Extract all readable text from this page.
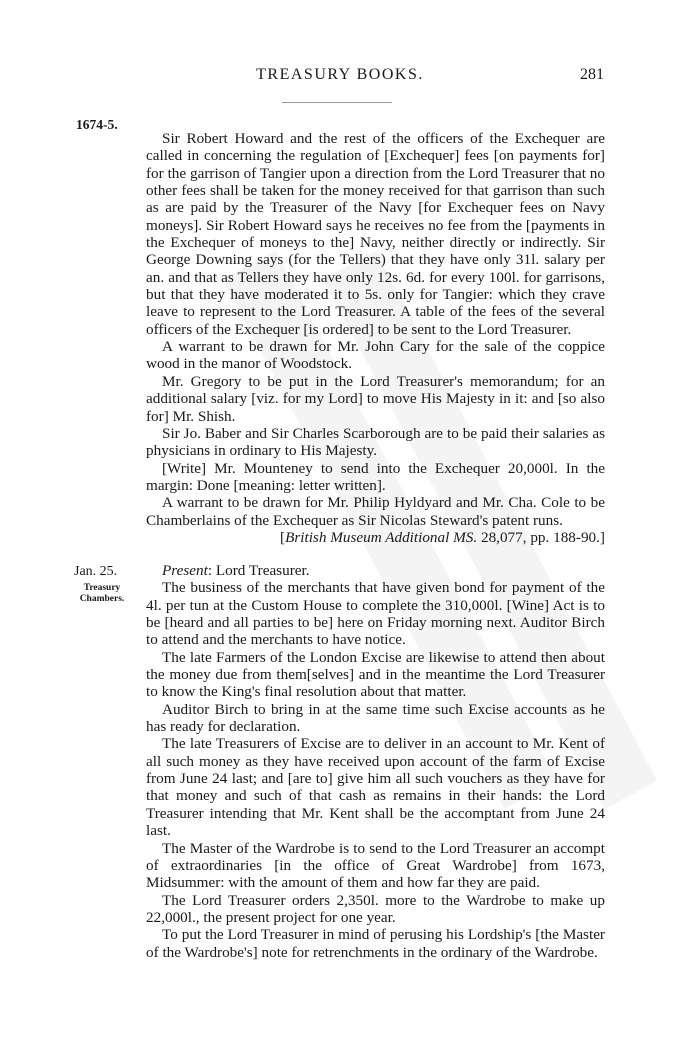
TREASURY BOOKS.	281
1674-5.

Sir Robert Howard and the rest of the officers of the Exchequer are called in concerning the regulation of [Exchequer] fees [on payments for] for the garrison of Tangier upon a direction from the Lord Treasurer that no other fees shall be taken for the money received for that garrison than such as are paid by the Treasurer of the Navy [for Exchequer fees on Navy moneys]. Sir Robert Howard says he receives no fee from the [payments in the Exchequer of moneys to the] Navy, neither directly or indirectly. Sir George Downing says (for the Tellers) that they have only 31l. salary per an. and that as Tellers they have only 12s. 6d. for every 100l. for garrisons, but that they have moderated it to 5s. only for Tangier: which they crave leave to represent to the Lord Treasurer. A table of the fees of the several officers of the Exchequer [is ordered] to be sent to the Lord Treasurer.

A warrant to be drawn for Mr. John Cary for the sale of the coppice wood in the manor of Woodstock.

Mr. Gregory to be put in the Lord Treasurer's memorandum; for an additional salary [viz. for my Lord] to move His Majesty in it: and [so also for] Mr. Shish.

Sir Jo. Baber and Sir Charles Scarborough are to be paid their salaries as physicians in ordinary to His Majesty.

[Write] Mr. Mounteney to send into the Exchequer 20,000l. In the margin: Done [meaning: letter written].

A warrant to be drawn for Mr. Philip Hyldyard and Mr. Cha. Cole to be Chamberlains of the Exchequer as Sir Nicolas Steward's patent runs.

[British Museum Additional MS. 28,077, pp. 188-90.]
Jan. 25.
Treasury Chambers.

Present: Lord Treasurer.

The business of the merchants that have given bond for payment of the 4l. per tun at the Custom House to complete the 310,000l. [Wine] Act is to be [heard and all parties to be] here on Friday morning next. Auditor Birch to attend and the merchants to have notice.

The late Farmers of the London Excise are likewise to attend then about the money due from them[selves] and in the meantime the Lord Treasurer to know the King's final resolution about that matter.

Auditor Birch to bring in at the same time such Excise accounts as he has ready for declaration.

The late Treasurers of Excise are to deliver in an account to Mr. Kent of all such money as they have received upon account of the farm of Excise from June 24 last; and [are to] give him all such vouchers as they have for that money and such of that cash as remains in their hands: the Lord Treasurer intending that Mr. Kent shall be the accomptant from June 24 last.

The Master of the Wardrobe is to send to the Lord Treasurer an accompt of extraordinaries [in the office of Great Wardrobe] from 1673, Midsummer: with the amount of them and how far they are paid.

The Lord Treasurer orders 2,350l. more to the Wardrobe to make up 22,000l., the present project for one year.

To put the Lord Treasurer in mind of perusing his Lordship's [the Master of the Wardrobe's] note for retrenchments in the ordinary of the Wardrobe.
